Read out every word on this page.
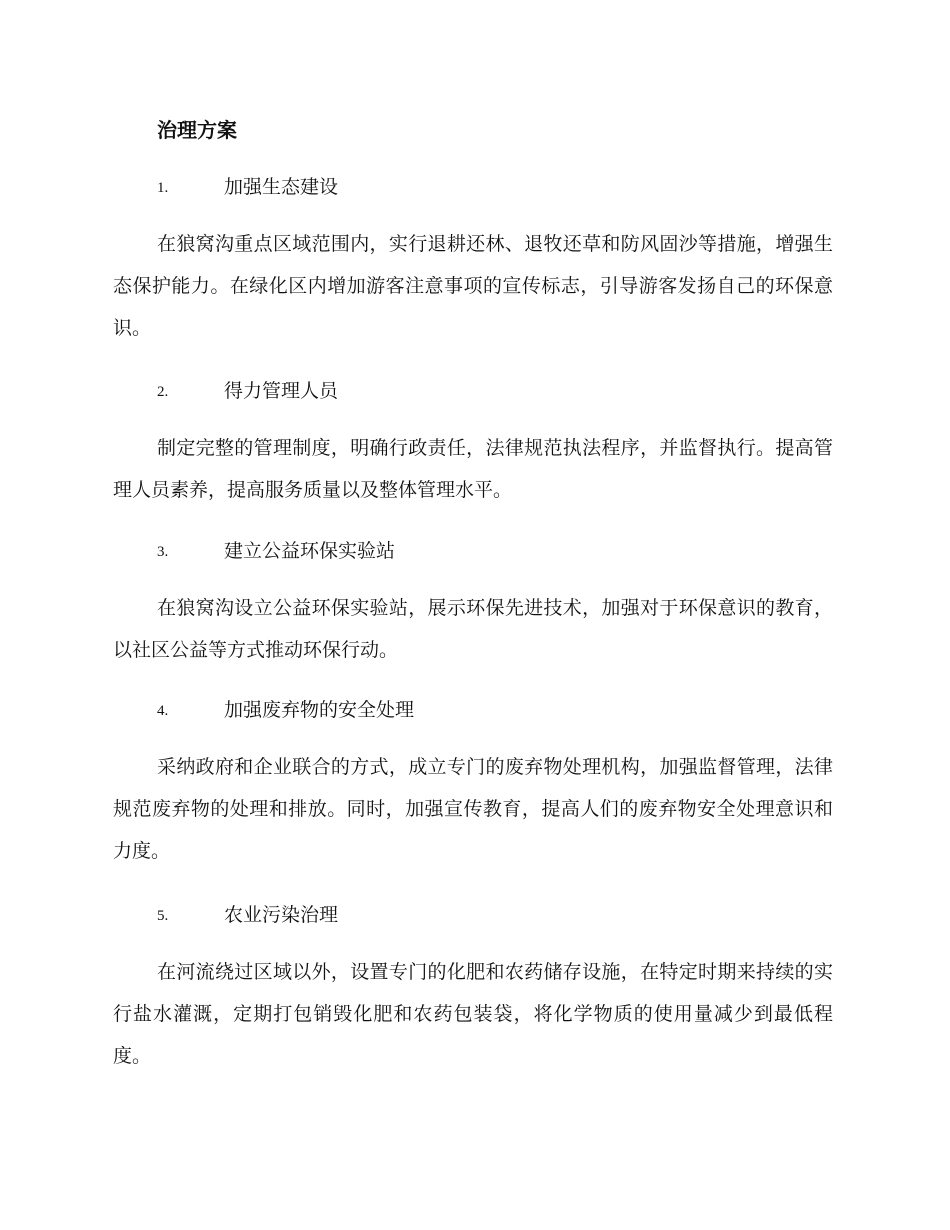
治理方案
1.	加强生态建设

在狼窝沟重点区域范围内，实行退耕还林、退牧还草和防风固沙等措施，增强生态保护能力。在绿化区内增加游客注意事项的宣传标志，引导游客发扬自己的环保意识。

2.	得力管理人员

制定完整的管理制度，明确行政责任，法律规范执法程序，并监督执行。提高管理人员素养，提高服务质量以及整体管理水平。

3.	建立公益环保实验站

在狼窝沟设立公益环保实验站，展示环保先进技术，加强对于环保意识的教育，以社区公益等方式推动环保行动。

4.	加强废弃物的安全处理

采纳政府和企业联合的方式，成立专门的废弃物处理机构，加强监督管理，法律规范废弃物的处理和排放。同时，加强宣传教育，提高人们的废弃物安全处理意识和力度。

5.	农业污染治理

在河流绕过区域以外，设置专门的化肥和农药储存设施，在特定时期来持续的实行盐水灌溉，定期打包销毁化肥和农药包装袋，将化学物质的使用量减少到最低程度。
